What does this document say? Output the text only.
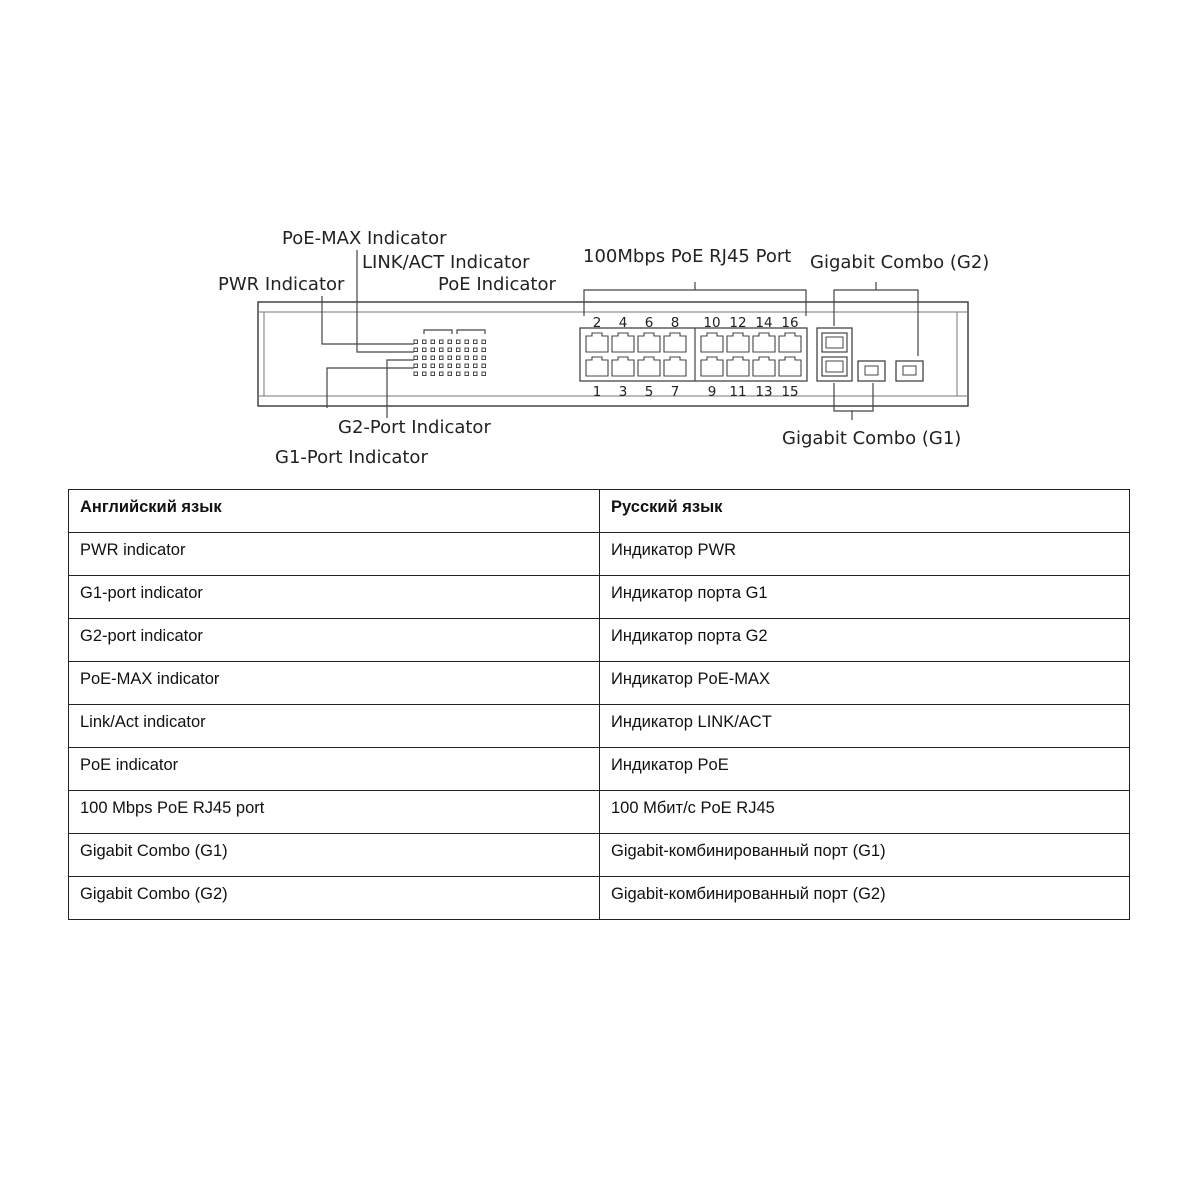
PoE-MAX Indicator
LINK/ACT Indicator
PWR Indicator	PoE Indicator
100Mbps PoE RJ45 Port Gigabit Combo (G2)
G2-Port Indicator
G1-Port Indicator
Gigabit Combo (G1)
2 4 6 8 10 12 14 16
1 3 5 7 9 11 13 15
Английский язык	Русский язык
PWR indicator	Индикатор PWR
G1-port indicator	Индикатор порта G1
G2-port indicator	Индикатор порта G2
PoE-MAX indicator	Индикатор PoE-MAX
Link/Act indicator	Индикатор LINK/ACT
PoE indicator	Индикатор PoE
100 Mbps PoE RJ45 port	100 Мбит/с PoE RJ45
Gigabit Combo (G1)	Gigabit-комбинированный порт (G1)
Gigabit Combo (G2)	Gigabit-комбинированный порт (G2)
